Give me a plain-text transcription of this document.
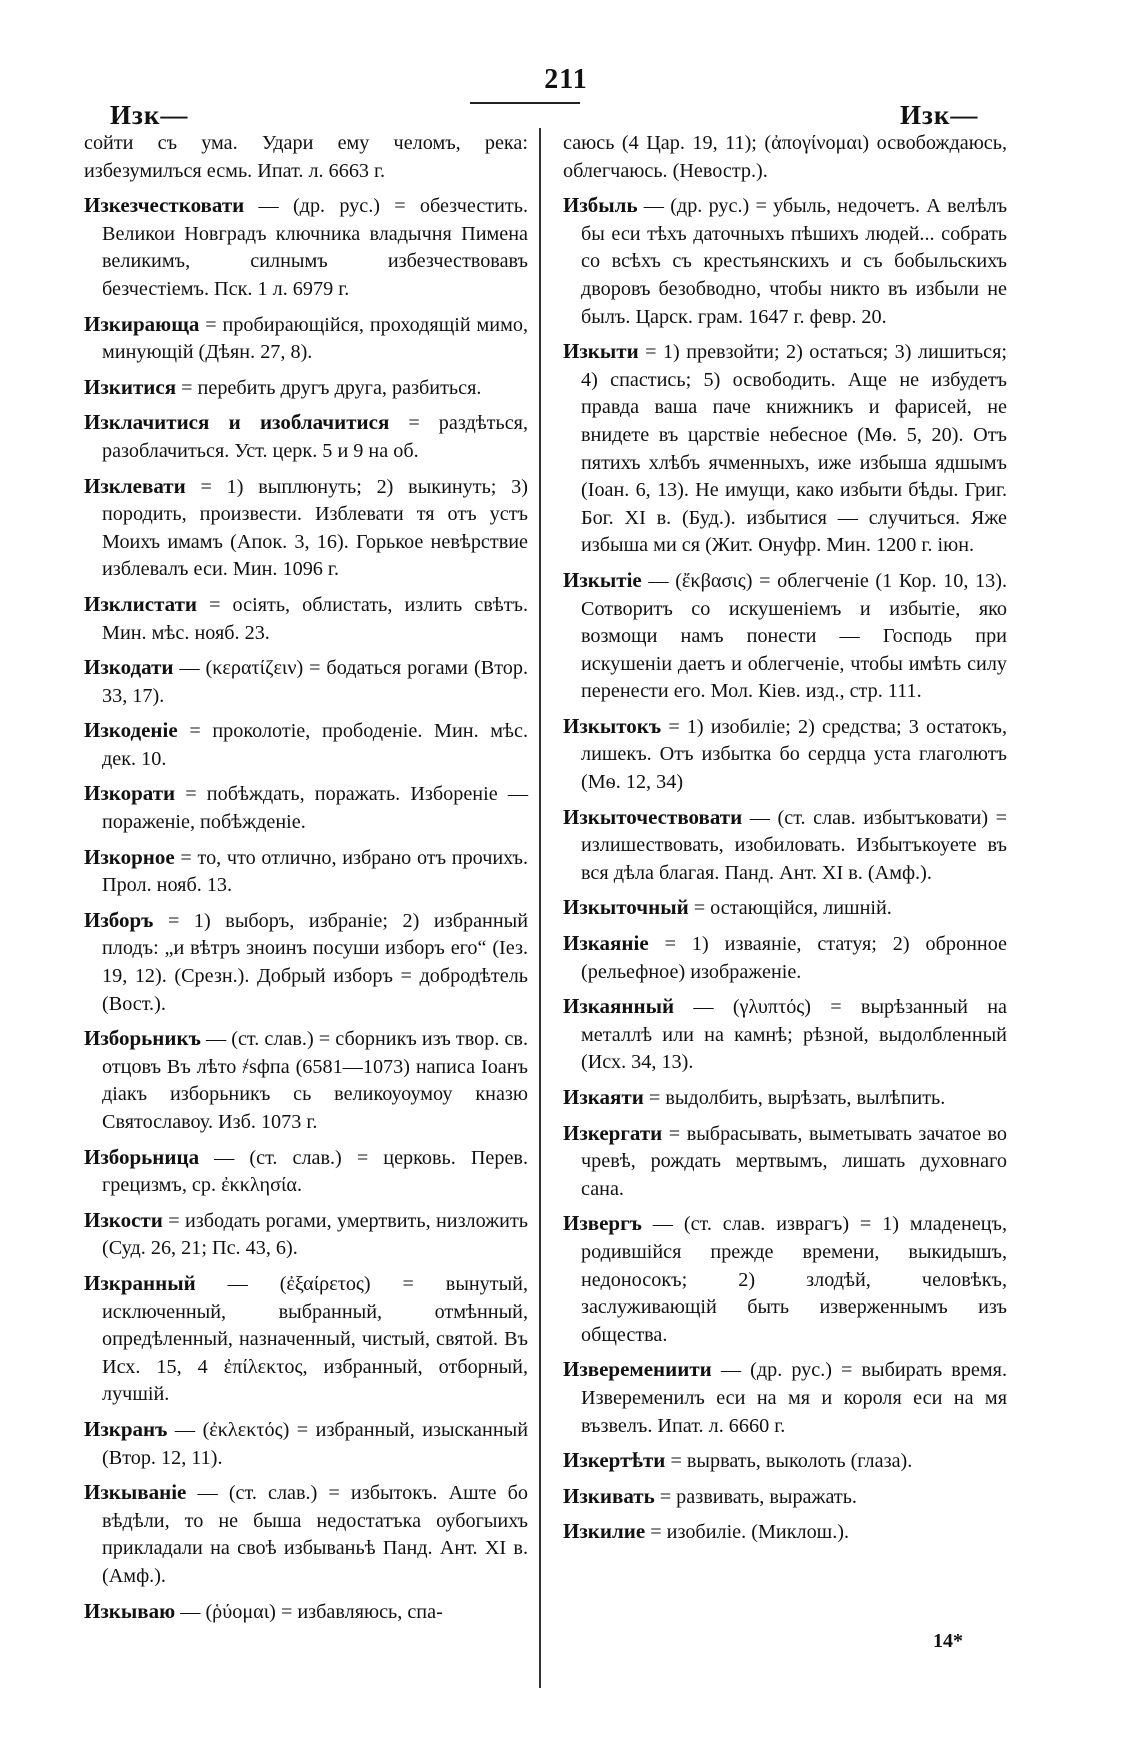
211
Изк—	Изк—

сойти съ ума. Удари ему челомъ, река: избезумилъся есмь. Ипат. л. 6663 г.

Изкезчестковати — (др. рус.) = обезчестить. Великои Новградъ ключника владычня Пимена великимъ, силнымъ избезчествовавъ безчестіемъ. Пск. 1 л. 6979 г.

Изкирающа = пробирающійся, проходящій мимо, минующій (Дѣян. 27, 8).

Изкитися = перебить другъ друга, разбиться.

Изклачитися и изоблачитися = раздѣться, разоблачиться. Уст. церк. 5 и 9 на об.

Изклевати = 1) выплюнуть; 2) выкинуть; 3) породить, произвести. Изблевати тя отъ устъ Моихъ имамъ (Апок. 3, 16). Горькое невѣрствие изблевалъ еси. Мин. 1096 г.

Изклистати = осіять, облистать, излить свѣтъ. Мин. мѣс. нояб. 23.

Изкодати — (κερατίζειν) = бодаться рогами (Втор. 33, 17).

Изкоденіе = проколотіе, прободеніе. Мин. мѣс. дек. 10.

Изкорати = побѣждать, поражать. Избореніе — пораженіе, побѣжденіе.

Изкорное = то, что отлично, избрано отъ прочихъ. Прол. нояб. 13.

Изборъ = 1) выборъ, избраніе; 2) избранный плодъ: „и вѣтръ зноинъ посуши изборъ его“ (Іез. 19, 12). (Срезн.). Добрый изборъ = добродѣтель (Вост.).

Изборьникъ — (ст. слав.) = сборникъ изъ твор. св. отцовъ Въ лѣто ҂ѕфпа (6581—1073) написа Іоанъ діакъ изборьникъ сь великоуоумоу кназю Святославоу. Изб. 1073 г.

Изборьница — (ст. слав.) = церковь. Перев. грецизмъ, ср. ἐκκλησία.

Изкости = избодать рогами, умертвить, низложить (Суд. 26, 21; Пс. 43, 6).

Изкранный — (ἐξαίρετος) = вынутый, исключенный, выбранный, отмѣнный, опредѣленный, назначенный, чистый, святой. Въ Исх. 15, 4 ἐπίλεκτος, избранный, отборный, лучшій.

Изкранъ — (ἐκλεκτός) = избранный, изысканный (Втор. 12, 11).

Изкываніе — (ст. слав.) = избытокъ. Аште бо вѣдѣли, то не быша недостатъка оубогыихъ прикладали на своѣ избываньѣ Панд. Ант. XI в. (Амф.).

Изкываю — (ῥύομαι) = избавляюсь, спа-

саюсь (4 Цар. 19, 11); (ἀπογίνομαι) освобождаюсь, облегчаюсь. (Невостр.).

Избыль — (др. рус.) = убыль, недочетъ. А велѣлъ бы еси тѣхъ даточныхъ пѣшихъ людей... собрать со всѣхъ съ крестьянскихъ и съ бобыльскихъ дворовъ безобводно, чтобы никто въ избыли не былъ. Царск. грам. 1647 г. февр. 20.

Изкыти = 1) превзойти; 2) остаться; 3) лишиться; 4) спастись; 5) освободить. Аще не избудетъ правда ваша паче книжникъ и фарисей, не внидете въ царствіе небесное (Мѳ. 5, 20). Отъ пятихъ хлѣбъ ячменныхъ, иже избыша ядшымъ (Іоан. 6, 13). Не имущи, како избыти бѣды. Григ. Бог. XI в. (Буд.). избытися — случиться. Яже избыша ми ся (Жит. Онуфр. Мин. 1200 г. іюн.

Изкытіе — (ἔκβασις) = облегченіе (1 Кор. 10, 13). Сотворитъ со искушеніемъ и избытіе, яко возмощи намъ понести — Господь при искушеніи даетъ и облегченіе, чтобы имѣть силу перенести его. Мол. Кіев. изд., стр. 111.

Изкытокъ = 1) изобиліе; 2) средства; 3 остатокъ, лишекъ. Отъ избытка бо сердца уста глаголютъ (Мѳ. 12, 34)

Изкыточествовати — (ст. слав. избытъковати) = излишествовать, изобиловать. Избытъкоуете въ вся дѣла благая. Панд. Ант. XI в. (Амф.).

Изкыточный = остающійся, лишній.

Изкаяніе = 1) изваяніе, статуя; 2) обронное (рельефное) изображеніе.

Изкаянный — (γλυπτός) = вырѣзанный на металлѣ или на камнѣ; рѣзной, выдолбленный (Исх. 34, 13).

Изкаяти = выдолбить, вырѣзать, вылѣпить.

Изкергати = выбрасывать, выметывать зачатое во чревѣ, рождать мертвымъ, лишать духовнаго сана.

Извергъ — (ст. слав. изврагъ) = 1) младенецъ, родившійся прежде времени, выкидышъ, недоносокъ; 2) злодѣй, человѣкъ, заслуживающій быть изверженнымъ изъ общества.

Изверемениити — (др. рус.) = выбирать время. Извеременилъ еси на мя и короля еси на мя възвелъ. Ипат. л. 6660 г.

Изкертѣти = вырвать, выколоть (глаза).

Изкивать = развивать, выражать.

Изкилие = изобиліе. (Миклош.).

14*
